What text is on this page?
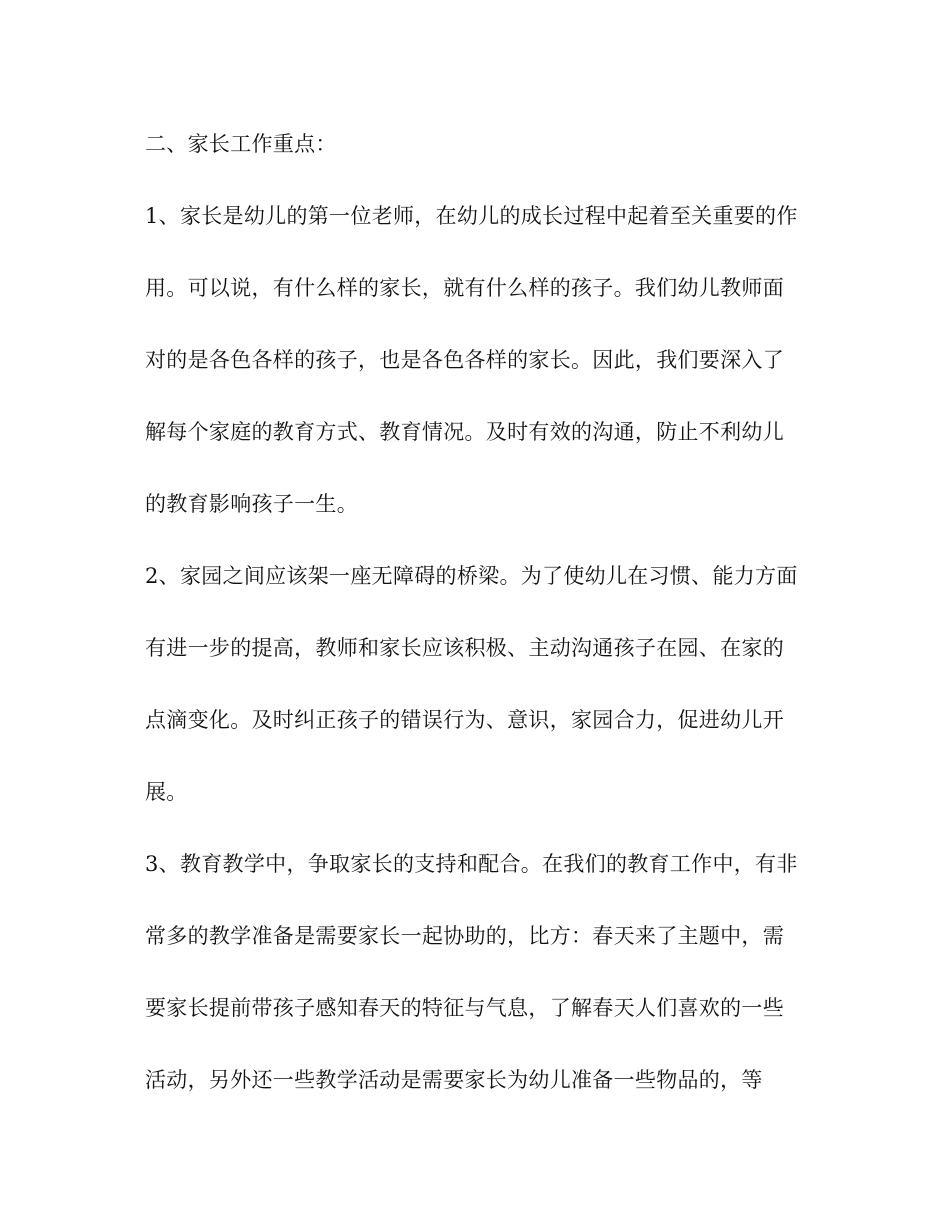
二、家长工作重点：
1、家长是幼儿的第一位老师，在幼儿的成长过程中起着至关重要的作
用。可以说，有什么样的家长，就有什么样的孩子。我们幼儿教师面
对的是各色各样的孩子，也是各色各样的家长。因此，我们要深入了
解每个家庭的教育方式、教育情况。及时有效的沟通，防止不利幼儿
的教育影响孩子一生。
2、家园之间应该架一座无障碍的桥梁。为了使幼儿在习惯、能力方面
有进一步的提高，教师和家长应该积极、主动沟通孩子在园、在家的
点滴变化。及时纠正孩子的错误行为、意识，家园合力，促进幼儿开
展。
3、教育教学中，争取家长的支持和配合。在我们的教育工作中，有非
常多的教学准备是需要家长一起协助的，比方：春天来了主题中，需
要家长提前带孩子感知春天的特征与气息，了解春天人们喜欢的一些
活动，另外还一些教学活动是需要家长为幼儿准备一些物品的，等
